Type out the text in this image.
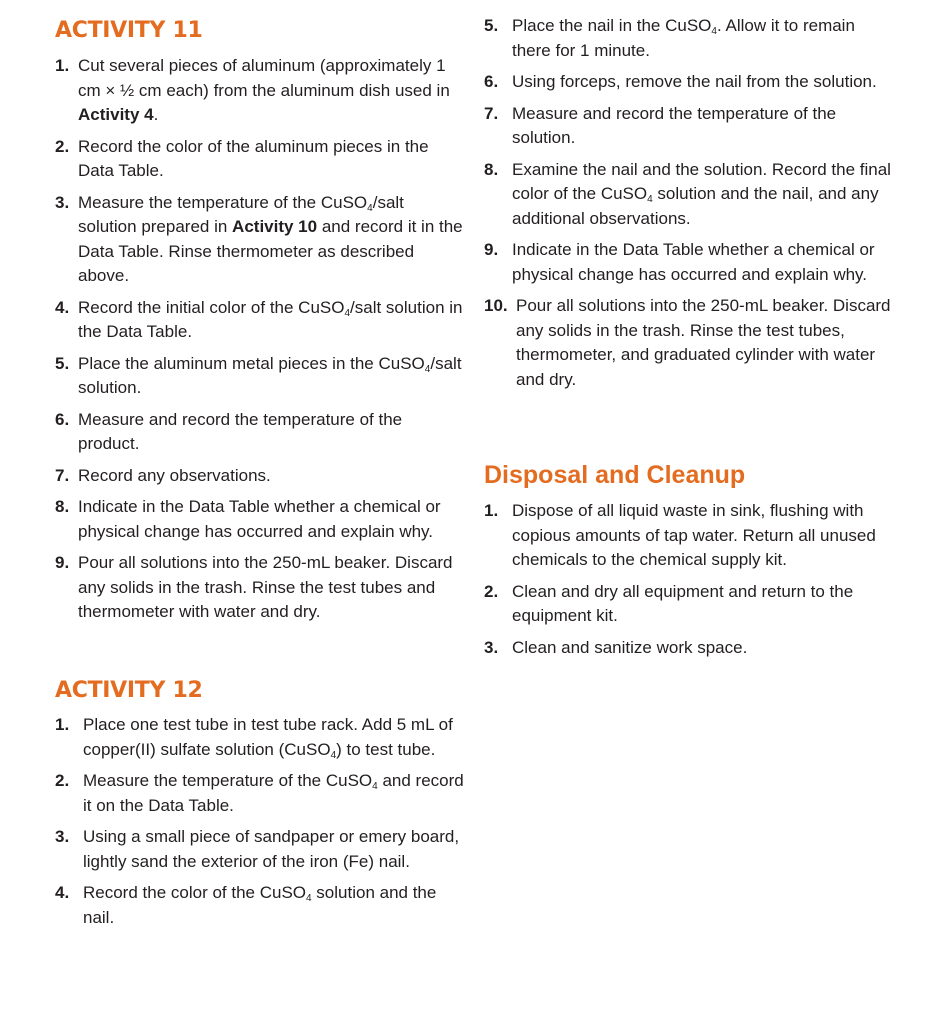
ACTIVITY 11
1. Cut several pieces of aluminum (approximately 1 cm × ½ cm each) from the aluminum dish used in Activity 4.
2. Record the color of the aluminum pieces in the Data Table.
3. Measure the temperature of the CuSO$_4$/salt solution prepared in Activity 10 and record it in the Data Table. Rinse thermometer as described above.
4. Record the initial color of the CuSO$_4$/salt solution in the Data Table.
5. Place the aluminum metal pieces in the CuSO$_4$/salt solution.
6. Measure and record the temperature of the product.
7. Record any observations.
8. Indicate in the Data Table whether a chemical or physical change has occurred and explain why.
9. Pour all solutions into the 250-mL beaker. Discard any solids in the trash. Rinse the test tubes and thermometer with water and dry.
ACTIVITY 12
1. Place one test tube in test tube rack. Add 5 mL of copper(II) sulfate solution (CuSO$_4$) to test tube.
2. Measure the temperature of the CuSO$_4$ and record it on the Data Table.
3. Using a small piece of sandpaper or emery board, lightly sand the exterior of the iron (Fe) nail.
4. Record the color of the CuSO$_4$ solution and the nail.
5. Place the nail in the CuSO$_4$. Allow it to remain there for 1 minute.
6. Using forceps, remove the nail from the solution.
7. Measure and record the temperature of the solution.
8. Examine the nail and the solution. Record the final color of the CuSO$_4$ solution and the nail, and any additional observations.
9. Indicate in the Data Table whether a chemical or physical change has occurred and explain why.
10. Pour all solutions into the 250-mL beaker. Discard any solids in the trash. Rinse the test tubes, thermometer, and graduated cylinder with water and dry.
Disposal and Cleanup
1. Dispose of all liquid waste in sink, flushing with copious amounts of tap water. Return all unused chemicals to the chemical supply kit.
2. Clean and dry all equipment and return to the equipment kit.
3. Clean and sanitize work space.
